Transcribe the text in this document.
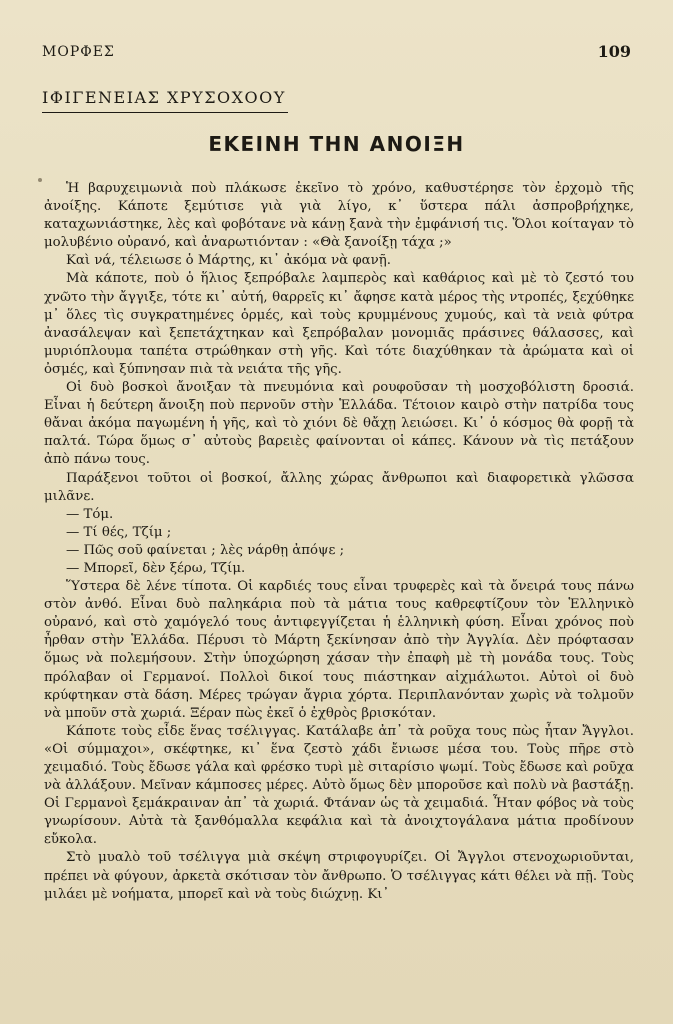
ΜΟΡΦΕΣ	109
ΙΦΙΓΕΝΕΙΑΣ ΧΡΥΣΟΧΟΟΥ
ΕΚΕΙΝΗ ΤΗΝ ΑΝΟΙΞΗ

Ἡ βαρυχειμωνιὰ ποὺ πλάκωσε ἐκεῖνο τὸ χρόνο, καθυστέρησε τὸν ἐρχομὸ τῆς ἀνοίξης. Κάποτε ξεμύτισε γιὰ γιὰ λίγο, κ᾿ ὕστερα πάλι ἀσπροβρήχηκε, καταχωνιάστηκε, λὲς καὶ φοβότανε νὰ κάνῃ ξανὰ τὴν ἐμφάνισή τις. Ὅλοι κοίταγαν τὸ μολυβένιο οὐρανό, καὶ ἀναρωτιόνταν : «Θὰ ξανοίξῃ τάχα ;»

Καὶ νά, τέλειωσε ὁ Μάρτης, κι᾿ ἀκόμα νὰ φανῇ.

Μὰ κάποτε, ποὺ ὁ ἥλιος ξεπρόβαλε λαμπερὸς καὶ καθάριος καὶ μὲ τὸ ζεστό του χνῶτο τὴν ἄγγιξε, τότε κι᾿ αὐτή, θαρρεῖς κι᾿ ἄφησε κατὰ μέρος τὴς ντροπές, ξεχύθηκε μ᾿ ὅλες τὶς συγκρατημένες ὁρμές, καὶ τοὺς κρυμμένους χυμούς, καὶ τὰ νειὰ φύτρα ἀνασάλεψαν καὶ ξεπετάχτηκαν καὶ ξεπρόβαλαν μονομιᾶς πράσινες θάλασσες, καὶ μυριόπλουμα ταπέτα στρώθηκαν στὴ γῆς. Καὶ τότε διαχύθηκαν τὰ ἀρώματα καὶ οἱ ὀσμές, καὶ ξύπνησαν πιὰ τὰ νειάτα τῆς γῆς.

Οἱ δυὸ βοσκοὶ ἄνοιξαν τὰ πνευμόνια καὶ ρουφοῦσαν τὴ μοσχοβόλιστη δροσιά. Εἶναι ἡ δεύτερη ἄνοιξη ποὺ περνοῦν στὴν Ἑλλάδα. Τέτοιον καιρὸ στὴν πατρίδα τους θἄναι ἀκόμα παγωμένη ἡ γῆς, καὶ τὸ χιόνι δὲ θἄχῃ λειώσει. Κι᾿ ὁ κόσμος θὰ φορῇ τὰ παλτά. Τώρα ὅμως σ᾿ αὐτοὺς βαρειὲς φαίνονται οἱ κάπες. Κάνουν νὰ τὶς πετάξουν ἀπὸ πάνω τους.

Παράξενοι τοῦτοι οἱ βοσκοί, ἄλλης χώρας ἄνθρωποι καὶ διαφορετικὰ γλῶσσα μιλᾶνε.

— Τόμ.

— Τί θές, Τζίμ ;

— Πῶς σοῦ φαίνεται ; λὲς νάρθῃ ἀπόψε ;

— Μπορεῖ, δὲν ξέρω, Τζίμ.

Ὕστερα δὲ λένε τίποτα. Οἱ καρδιές τους εἶναι τρυφερὲς καὶ τὰ ὄνειρά τους πάνω στὸν ἀνθό. Εἶναι δυὸ παληκάρια ποὺ τὰ μάτια τους καθρεφτίζουν τὸν Ἑλληνικὸ οὐρανό, καὶ στὸ χαμόγελό τους ἀντιφεγγίζεται ἡ ἑλληνικὴ φύση. Εἶναι χρόνος ποὺ ἦρθαν στὴν Ἑλλάδα. Πέρυσι τὸ Μάρτη ξεκίνησαν ἀπὸ τὴν Ἀγγλία. Δὲν πρόφτασαν ὅμως νὰ πολεμήσουν. Στὴν ὑποχώρηση χάσαν τὴν ἐπαφὴ μὲ τὴ μονάδα τους. Τοὺς πρόλαβαν οἱ Γερμανοί. Πολλοὶ δικοί τους πιάστηκαν αἰχμάλωτοι. Αὐτοὶ οἱ δυὸ κρύφτηκαν στὰ δάση. Μέρες τρώγαν ἄγρια χόρτα. Περιπλανόνταν χωρὶς νὰ τολμοῦν νὰ μποῦν στὰ χωριά. Ξέραν πὼς ἐκεῖ ὁ ἐχθρὸς βρισκόταν.

Κάποτε τοὺς εἶδε ἕνας τσέλιγγας. Κατάλαβε ἀπ᾿ τὰ ροῦχα τους πὼς ἦταν Ἄγγλοι. «Οἱ σύμμαχοι», σκέφτηκε, κι᾿ ἕνα ζεστὸ χάδι ἔνιωσε μέσα του. Τοὺς πῆρε στὸ χειμαδιό. Τοὺς ἔδωσε γάλα καὶ φρέσκο τυρὶ μὲ σιταρίσιο ψωμί. Τοὺς ἔδωσε καὶ ροῦχα νὰ ἀλλάξουν. Μεῖναν κάμποσες μέρες. Αὐτὸ ὅμως δὲν μποροῦσε καὶ πολὺ νὰ βαστάξῃ. Οἱ Γερμανοὶ ξεμάκραιναν ἀπ᾿ τὰ χωριά. Φτάναν ὡς τὰ χειμαδιά. Ἦταν φόβος νὰ τοὺς γνωρίσουν. Αὐτὰ τὰ ξανθόμαλλα κεφάλια καὶ τὰ ἀνοιχτογάλανα μάτια προδίνουν εὔκολα.

Στὸ μυαλὸ τοῦ τσέλιγγα μιὰ σκέψη στριφογυρίζει. Οἱ Ἄγγλοι στενοχωριοῦνται, πρέπει νὰ φύγουν, ἀρκετὰ σκότισαν τὸν ἄνθρωπο. Ὁ τσέλιγγας κάτι θέλει νὰ πῇ. Τοὺς μιλάει μὲ νοήματα, μπορεῖ καὶ νὰ τοὺς διώχνῃ. Κι᾿
